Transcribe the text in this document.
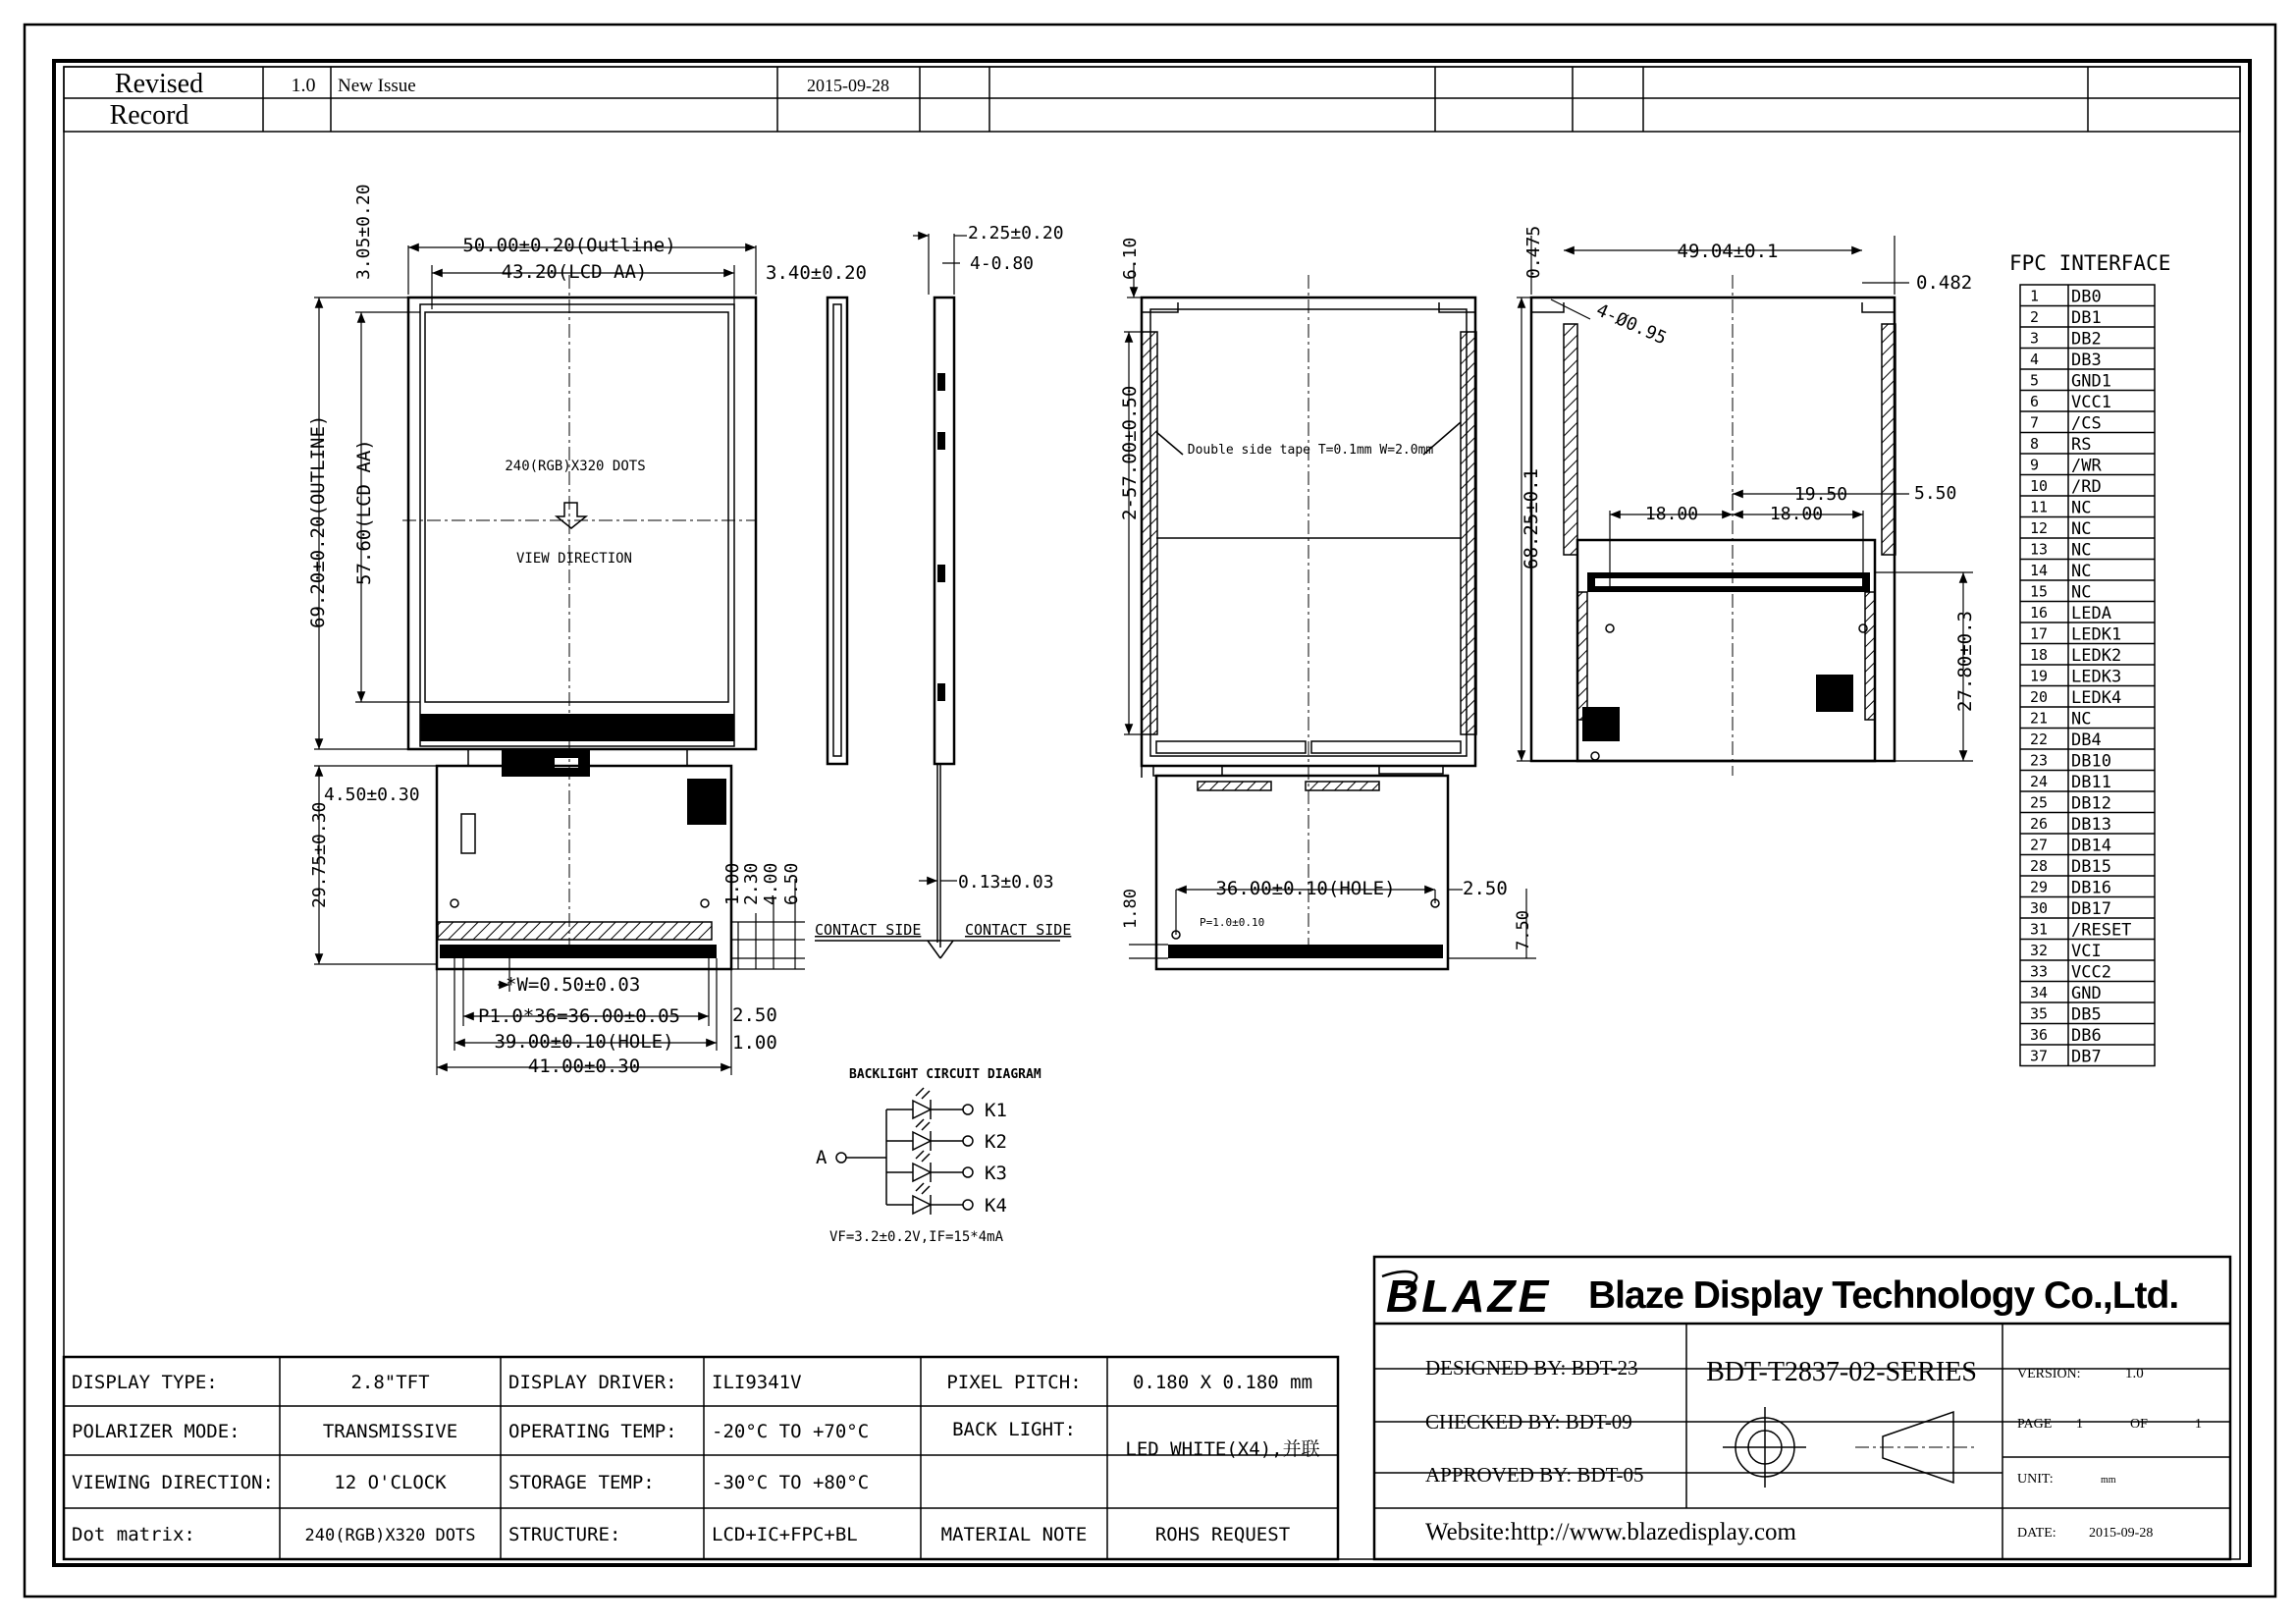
Revised
Record
1.0 New Issue	2015-09-28
240(RGB)X320 DOTS
VIEW DIRECTION
50.00±0.20(Outline)
43.20(LCD AA)	3.40±0.20
3.05±0.20
69.20±0.20(OUTLINE) 57.60(LCD AA)
4.50±0.30
29.75±0.30	1.00
2.30 4.00 6.50
*W=0.50±0.03
P1.0*36=36.00±0.05	2.50
39.00±0.10(HOLE)	1.00
41.00±0.30
2.25±0.20
4-0.80
0.13±0.03
CONTACT SIDE	CONTACT SIDE
Double side tape T=0.1mm W=2.0mm
P=1.0±0.10
6.10
2-57.00±0.50
36.00±0.10(HOLE)	2.50
1.80
7.50
49.04±0.1
0.475
0.482
4-Ø0.95
68.25±0.1	19.50	5.50
18.00	18.00
27.80±0.3
FPC INTERFACE
1 DB0
2 DB1
3 DB2
4 DB3
5 GND1
6 VCC1
7 /CS
8 RS
9 /WR
10 /RD
11 NC
12 NC
13 NC
14 NC
15 NC
16 LEDA
17 LEDK1
18 LEDK2
19 LEDK3
20 LEDK4
21 NC
22 DB4
23 DB10
24 DB11
25 DB12
26 DB13
27 DB14
28 DB15
29 DB16
30 DB17
31 /RESET
32 VCI
33 VCC2
34 GND
35 DB5
36 DB6
37 DB7
BACKLIGHT CIRCUIT DIAGRAM
A
VF=3.2±0.2V,IF=15*4mA
K1
K2
K3
K4
DISPLAY TYPE:	2.8"TFT	DISPLAY DRIVER: ILI9341V	PIXEL PITCH:	0.180 X 0.180 mm
POLARIZER MODE:	TRANSMISSIVE	OPERATING TEMP: -20°C TO +70°C	BACK LIGHT:
LED WHITE(X4),并联
VIEWING DIRECTION:	12 O'CLOCK	STORAGE TEMP:	-30°C TO +80°C
Dot matrix:	240(RGB)X320 DOTS STRUCTURE:	LCD+IC+FPC+BL	MATERIAL NOTE	ROHS REQUEST
BLAZE Blaze Display Technology Co.,Ltd.
DESIGNED BY: BDT-23
CHECKED BY: BDT-09
APPROVED BY: BDT-05
BDT-T2837-02-SERIES
Website:http://www.blazedisplay.com
VERSION:	1.0
PAGE 1	OF	1
UNIT:	mm
DATE: 2015-09-28
